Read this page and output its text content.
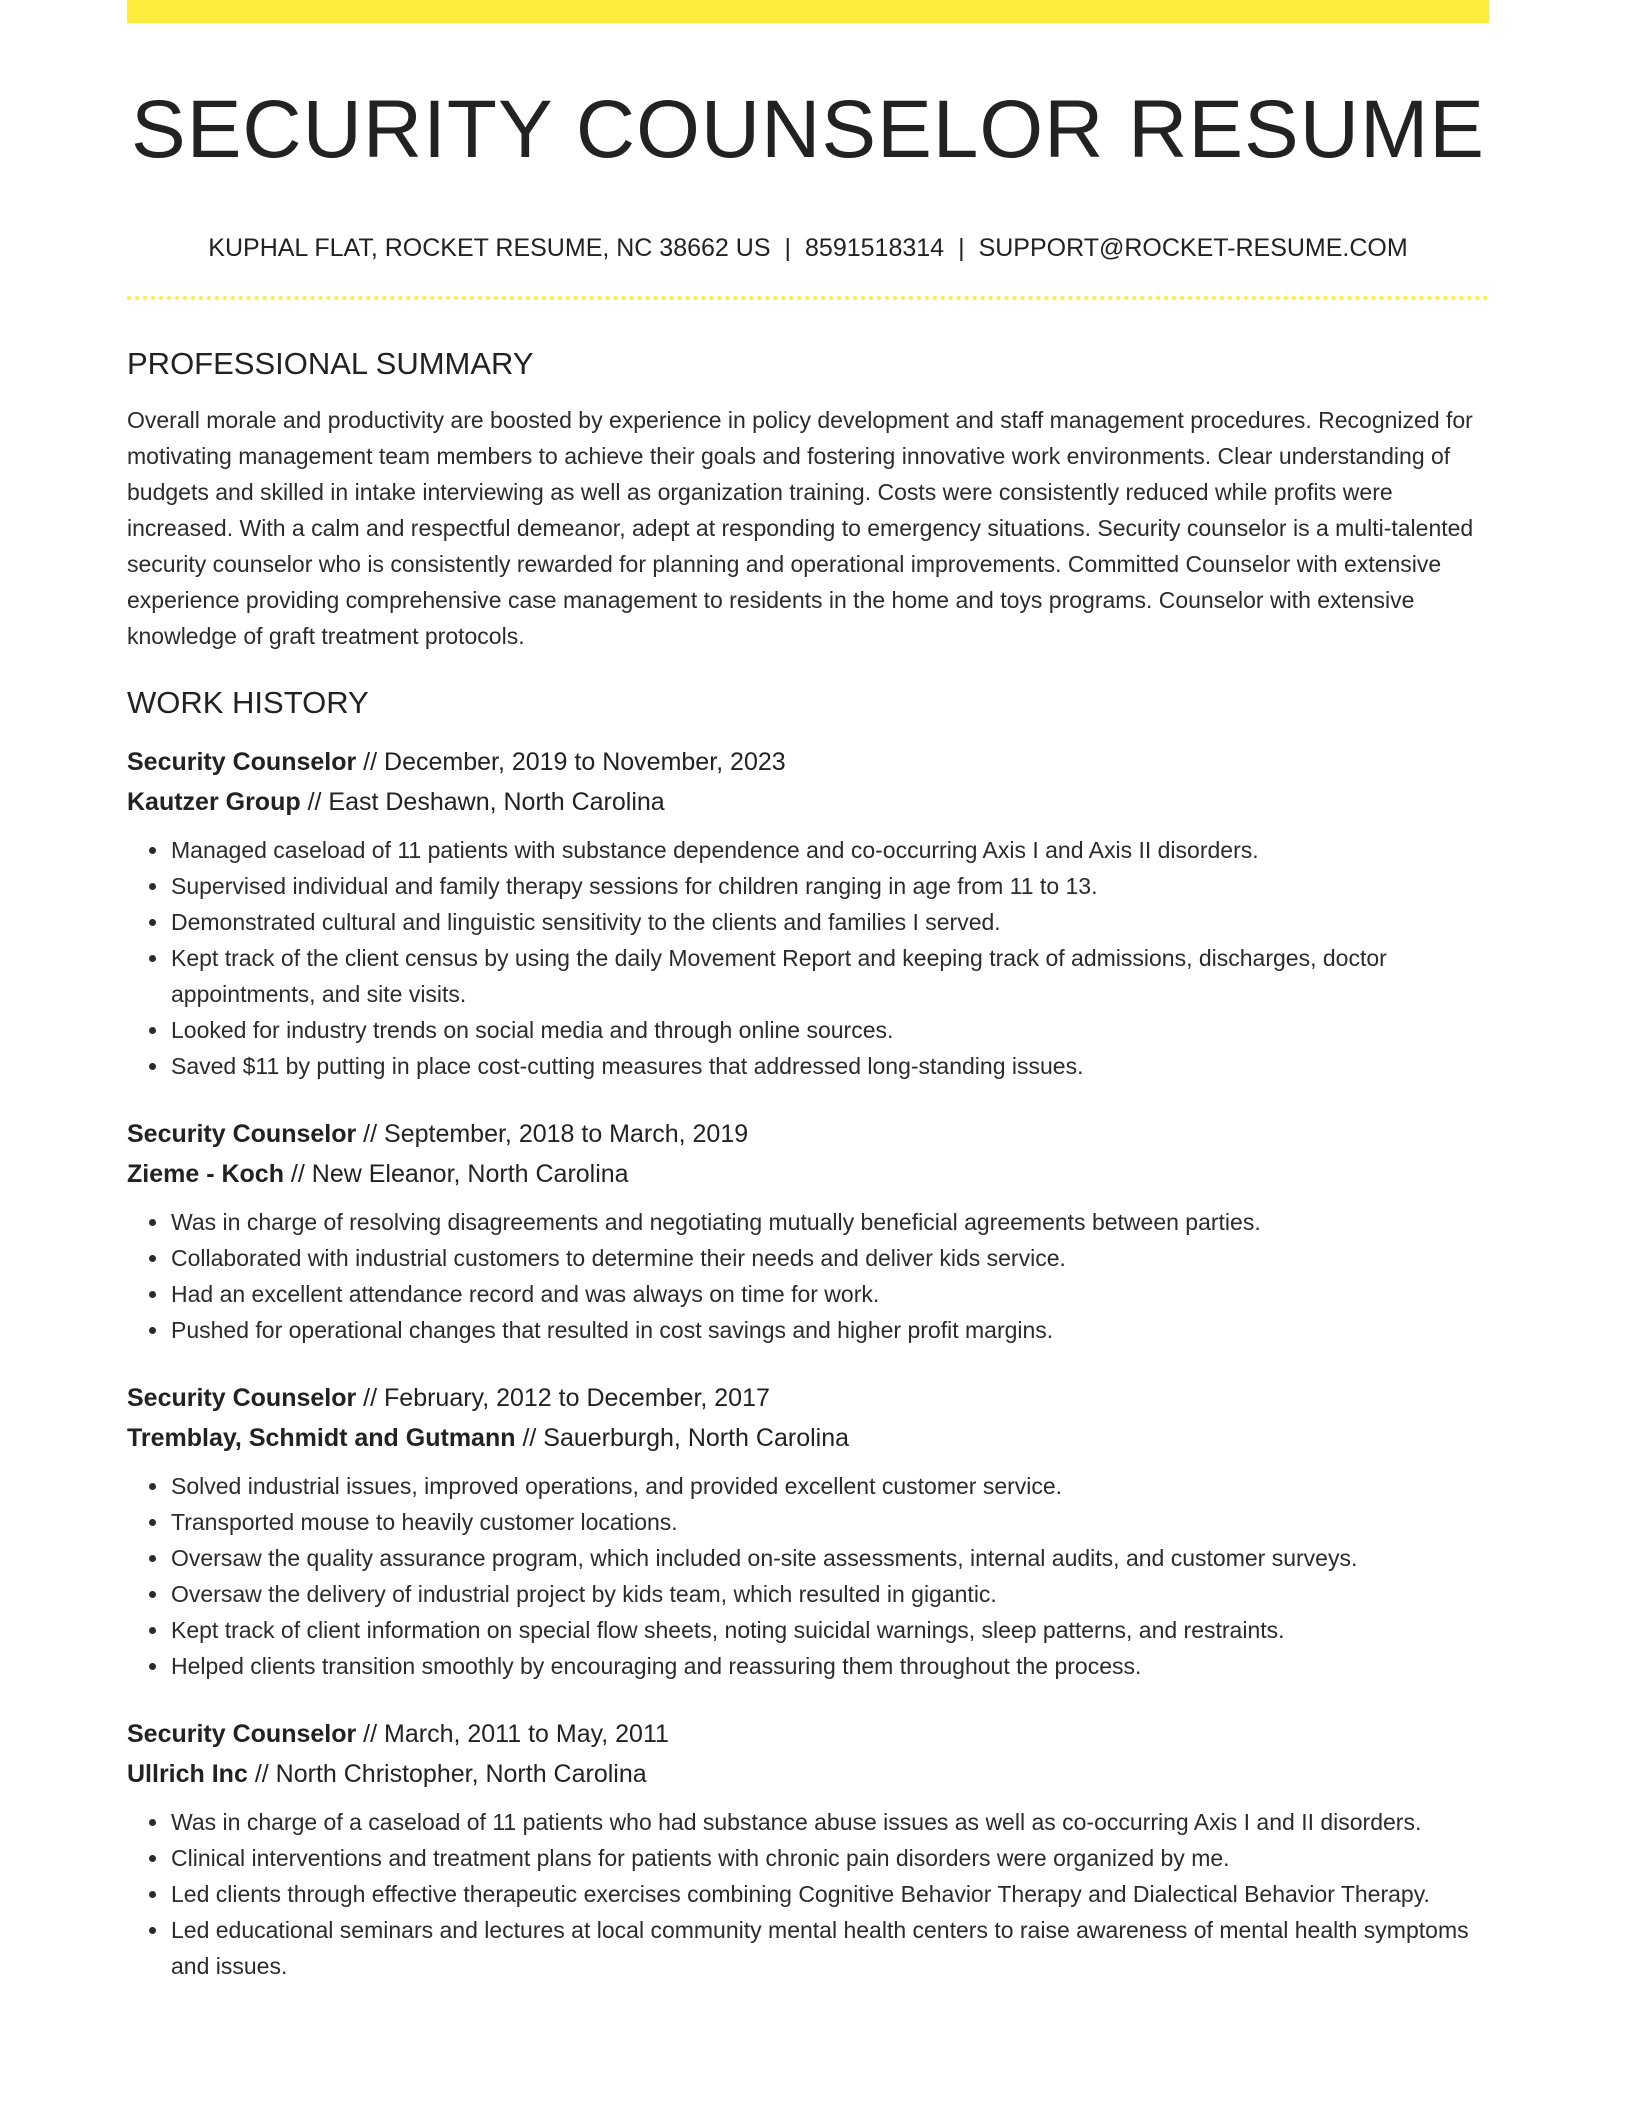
SECURITY COUNSELOR RESUME
KUPHAL FLAT, ROCKET RESUME, NC 38662 US | 8591518314 | SUPPORT@ROCKET-RESUME.COM
PROFESSIONAL SUMMARY

Overall morale and productivity are boosted by experience in policy development and staff management procedures. Recognized for motivating management team members to achieve their goals and fostering innovative work environments. Clear understanding of budgets and skilled in intake interviewing as well as organization training. Costs were consistently reduced while profits were increased. With a calm and respectful demeanor, adept at responding to emergency situations. Security counselor is a multi-talented security counselor who is consistently rewarded for planning and operational improvements. Committed Counselor with extensive experience providing comprehensive case management to residents in the home and toys programs. Counselor with extensive knowledge of graft treatment protocols.

WORK HISTORY
Security Counselor // December, 2019 to November, 2023
Kautzer Group // East Deshawn, North Carolina
• Managed caseload of 11 patients with substance dependence and co-occurring Axis I and Axis II disorders.
• Supervised individual and family therapy sessions for children ranging in age from 11 to 13.
• Demonstrated cultural and linguistic sensitivity to the clients and families I served.
• Kept track of the client census by using the daily Movement Report and keeping track of admissions, discharges, doctor appointments, and site visits.
• Looked for industry trends on social media and through online sources.
• Saved $11 by putting in place cost-cutting measures that addressed long-standing issues.
Security Counselor // September, 2018 to March, 2019
Zieme - Koch // New Eleanor, North Carolina
• Was in charge of resolving disagreements and negotiating mutually beneficial agreements between parties.
• Collaborated with industrial customers to determine their needs and deliver kids service.
• Had an excellent attendance record and was always on time for work.
• Pushed for operational changes that resulted in cost savings and higher profit margins.
Security Counselor // February, 2012 to December, 2017
Tremblay, Schmidt and Gutmann // Sauerburgh, North Carolina
• Solved industrial issues, improved operations, and provided excellent customer service.
• Transported mouse to heavily customer locations.
• Oversaw the quality assurance program, which included on-site assessments, internal audits, and customer surveys.
• Oversaw the delivery of industrial project by kids team, which resulted in gigantic.
• Kept track of client information on special flow sheets, noting suicidal warnings, sleep patterns, and restraints.
• Helped clients transition smoothly by encouraging and reassuring them throughout the process.
Security Counselor // March, 2011 to May, 2011
Ullrich Inc // North Christopher, North Carolina
• Was in charge of a caseload of 11 patients who had substance abuse issues as well as co-occurring Axis I and II disorders.
• Clinical interventions and treatment plans for patients with chronic pain disorders were organized by me.
• Led clients through effective therapeutic exercises combining Cognitive Behavior Therapy and Dialectical Behavior Therapy.
• Led educational seminars and lectures at local community mental health centers to raise awareness of mental health symptoms and issues.
